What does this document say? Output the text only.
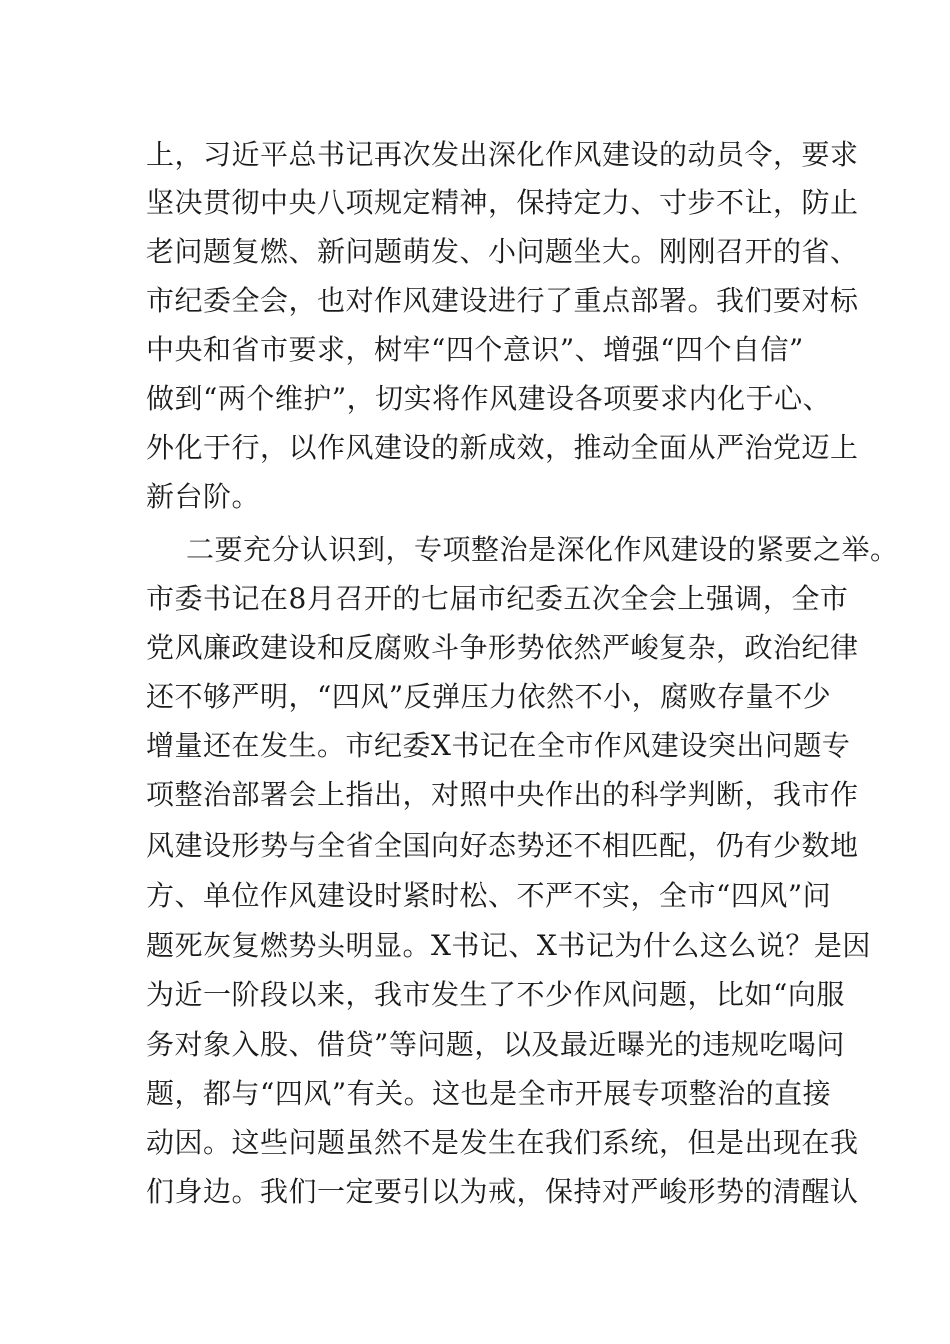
上，习近平总书记再次发出深化作风建设的动员令，要求
坚决贯彻中央八项规定精神，保持定力、寸步不让，防止
老问题复燃、新问题萌发、小问题坐大。刚刚召开的省、
市纪委全会，也对作风建设进行了重点部署。我们要对标
中央和省市要求，树牢“四个意识”、增强“四个自信”
做到“两个维护”，切实将作风建设各项要求内化于心、
外化于行，以作风建设的新成效，推动全面从严治党迈上
新台阶。
二要充分认识到，专项整治是深化作风建设的紧要之举。
市委书记在8月召开的七届市纪委五次全会上强调，全市
党风廉政建设和反腐败斗争形势依然严峻复杂，政治纪律
还不够严明，“四风”反弹压力依然不小，腐败存量不少
增量还在发生。市纪委X书记在全市作风建设突出问题专
项整治部署会上指出，对照中央作出的科学判断，我市作
风建设形势与全省全国向好态势还不相匹配，仍有少数地
方、单位作风建设时紧时松、不严不实，全市“四风”问
题死灰复燃势头明显。X书记、X书记为什么这么说？是因
为近一阶段以来，我市发生了不少作风问题，比如“向服
务对象入股、借贷”等问题，以及最近曝光的违规吃喝问
题，都与“四风”有关。这也是全市开展专项整治的直接
动因。这些问题虽然不是发生在我们系统，但是出现在我
们身边。我们一定要引以为戒，保持对严峻形势的清醒认
